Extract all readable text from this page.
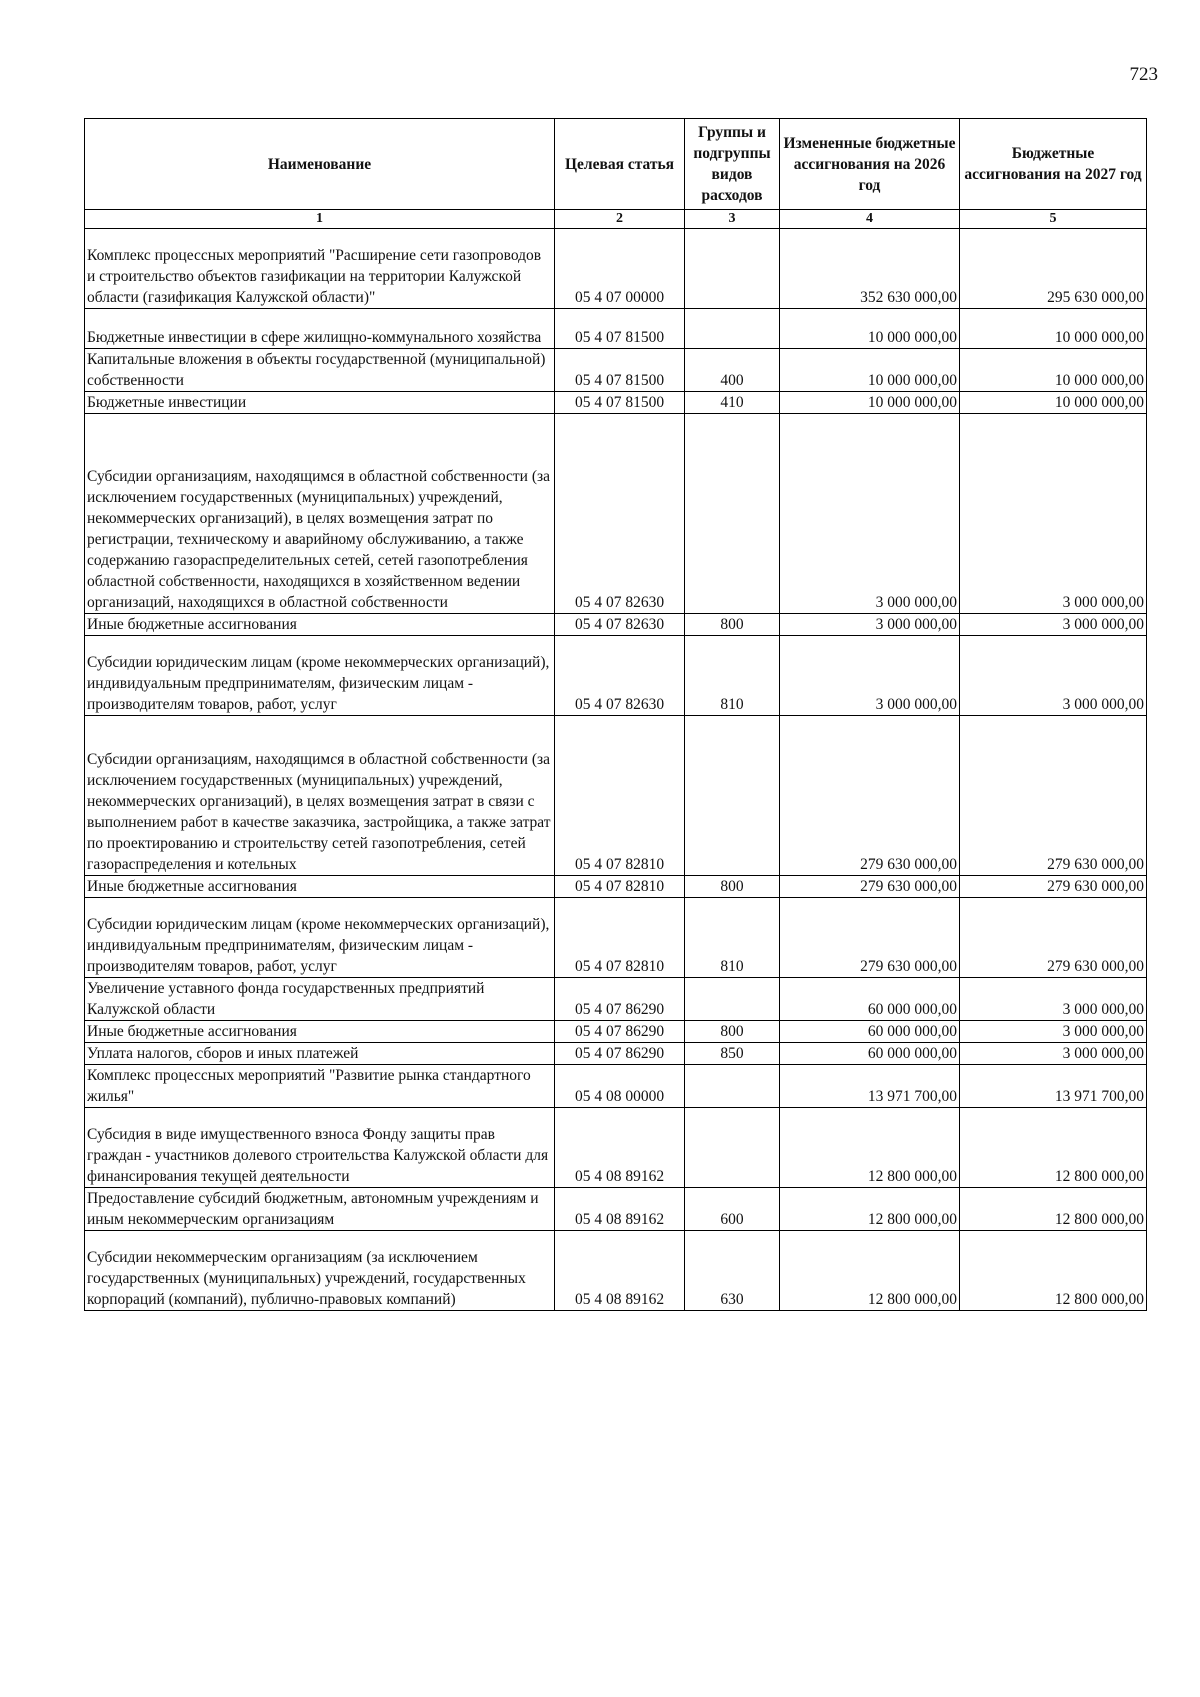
723
Наименование	Целевая статья	Группы и подгруппы видов расходов	Измененные бюджетные ассигнования на 2026 год	Бюджетные ассигнования на 2027 год
1	2	3	4	5
Комплекс процессных мероприятий "Расширение сети газопроводов и строительство объектов газификации на территории Калужской области (газификация Калужской области)"	05 4 07 00000		352 630 000,00	295 630 000,00
Бюджетные инвестиции в сфере жилищно-коммунального хозяйства	05 4 07 81500		10 000 000,00	10 000 000,00
Капитальные вложения в объекты государственной (муниципальной) собственности	05 4 07 81500	400	10 000 000,00	10 000 000,00
Бюджетные инвестиции	05 4 07 81500	410	10 000 000,00	10 000 000,00
Субсидии организациям, находящимся в областной собственности (за исключением государственных (муниципальных) учреждений, некоммерческих организаций), в целях возмещения затрат по регистрации, техническому и аварийному обслуживанию, а также содержанию газораспределительных сетей, сетей газопотребления областной собственности, находящихся в хозяйственном ведении организаций, находящихся в областной собственности	05 4 07 82630		3 000 000,00	3 000 000,00
Иные бюджетные ассигнования	05 4 07 82630	800	3 000 000,00	3 000 000,00
Субсидии юридическим лицам (кроме некоммерческих организаций), индивидуальным предпринимателям, физическим лицам - производителям товаров, работ, услуг	05 4 07 82630	810	3 000 000,00	3 000 000,00
Субсидии организациям, находящимся в областной собственности (за исключением государственных (муниципальных) учреждений, некоммерческих организаций), в целях возмещения затрат в связи с выполнением работ в качестве заказчика, застройщика, а также затрат по проектированию и строительству сетей газопотребления, сетей газораспределения и котельных	05 4 07 82810		279 630 000,00	279 630 000,00
Иные бюджетные ассигнования	05 4 07 82810	800	279 630 000,00	279 630 000,00
Субсидии юридическим лицам (кроме некоммерческих организаций), индивидуальным предпринимателям, физическим лицам - производителям товаров, работ, услуг	05 4 07 82810	810	279 630 000,00	279 630 000,00
Увеличение уставного фонда государственных предприятий Калужской области	05 4 07 86290		60 000 000,00	3 000 000,00
Иные бюджетные ассигнования	05 4 07 86290	800	60 000 000,00	3 000 000,00
Уплата налогов, сборов и иных платежей	05 4 07 86290	850	60 000 000,00	3 000 000,00
Комплекс процессных мероприятий "Развитие рынка стандартного жилья"	05 4 08 00000		13 971 700,00	13 971 700,00
Субсидия в виде имущественного взноса Фонду защиты прав граждан - участников долевого строительства Калужской области для финансирования текущей деятельности	05 4 08 89162		12 800 000,00	12 800 000,00
Предоставление субсидий бюджетным, автономным учреждениям и иным некоммерческим организациям	05 4 08 89162	600	12 800 000,00	12 800 000,00
Субсидии некоммерческим организациям (за исключением государственных (муниципальных) учреждений, государственных корпораций (компаний), публично-правовых компаний)	05 4 08 89162	630	12 800 000,00	12 800 000,00
